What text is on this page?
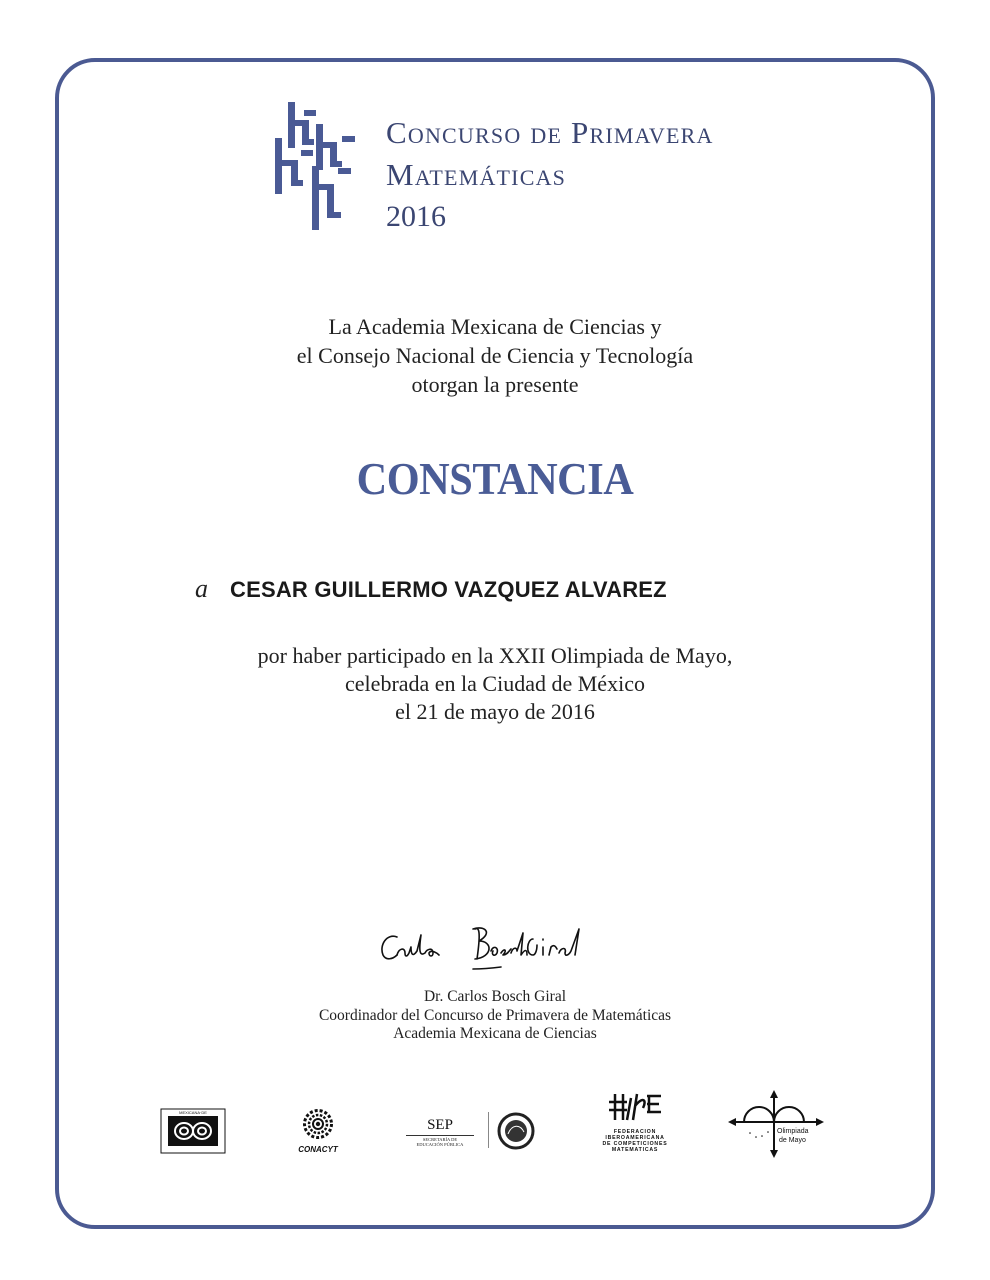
Concurso de Primavera
Matemáticas
2016
La Academia Mexicana de Ciencias y
el Consejo Nacional de Ciencia y Tecnología
otorgan la presente
CONSTANCIA
a CESAR GUILLERMO VAZQUEZ ALVAREZ
por haber participado en la XXII Olimpiada de Mayo,
celebrada en la Ciudad de México
el 21 de mayo de 2016
Dr. Carlos Bosch Giral
Coordinador del Concurso de Primavera de Matemáticas
Academia Mexicana de Ciencias
MEXICANA·DE
CONACYT
SEP
SECRETARÍA DE
EDUCACIÓN PÚBLICA
FEDERACION
IBEROAMERICANA
DE COMPETICIONES
MATEMATICAS
Olimpiada
de Mayo
